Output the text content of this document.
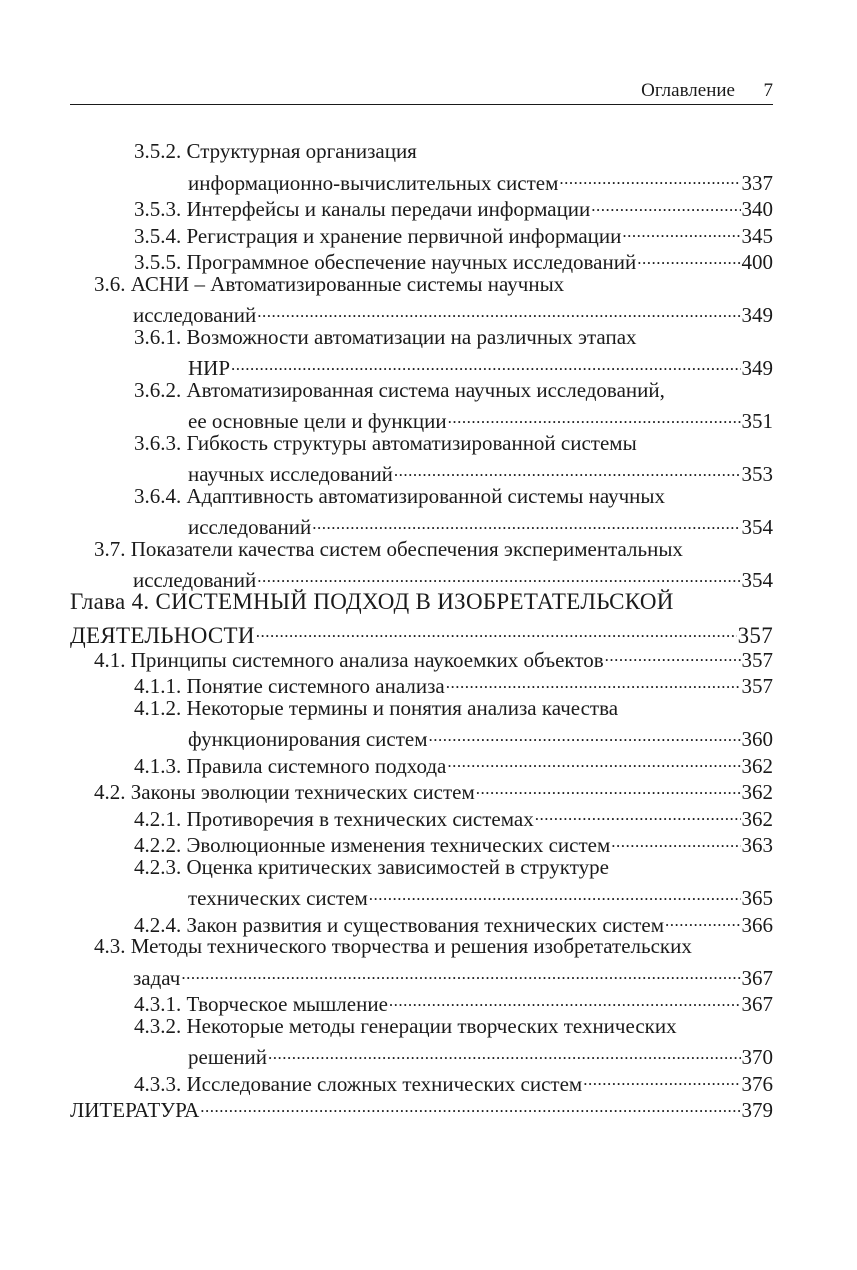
Оглавление 7
3.5.2. Структурная организация
информационно-вычислительных систем .....	337
3.5.3. Интерфейсы и каналы передачи информации .....	340
3.5.4. Регистрация и хранение первичной информации .....	345
3.5.5. Программное обеспечение научных исследований .....	400
3.6. АСНИ – Автоматизированные системы научных
исследований .....	349
3.6.1. Возможности автоматизации на различных этапах
НИР .....	349
3.6.2. Автоматизированная система научных исследований,
ее основные цели и функции .....	351
3.6.3. Гибкость структуры автоматизированной системы
научных исследований .....	353
3.6.4. Адаптивность автоматизированной системы научных
исследований .....	354
3.7. Показатели качества систем обеспечения экспериментальных
исследований .....	354
Глава 4. СИСТЕМНЫЙ ПОДХОД В ИЗОБРЕТАТЕЛЬСКОЙ
ДЕЯТЕЛЬНОСТИ .....	357
4.1. Принципы системного анализа наукоемких объектов .....	357
4.1.1. Понятие системного анализа .....	357
4.1.2. Некоторые термины и понятия анализа качества
функционирования систем .....	360
4.1.3. Правила системного подхода .....	362
4.2. Законы эволюции технических систем .....	362
4.2.1. Противоречия в технических системах .....	362
4.2.2. Эволюционные изменения технических систем .....	363
4.2.3. Оценка критических зависимостей в структуре
технических систем .....	365
4.2.4. Закон развития и существования технических систем .....	366
4.3. Методы технического творчества и решения изобретательских
задач .....	367
4.3.1. Творческое мышление .....	367
4.3.2. Некоторые методы генерации творческих технических
решений .....	370
4.3.3. Исследование сложных технических систем .....	376
ЛИТЕРАТУРА .....	379
